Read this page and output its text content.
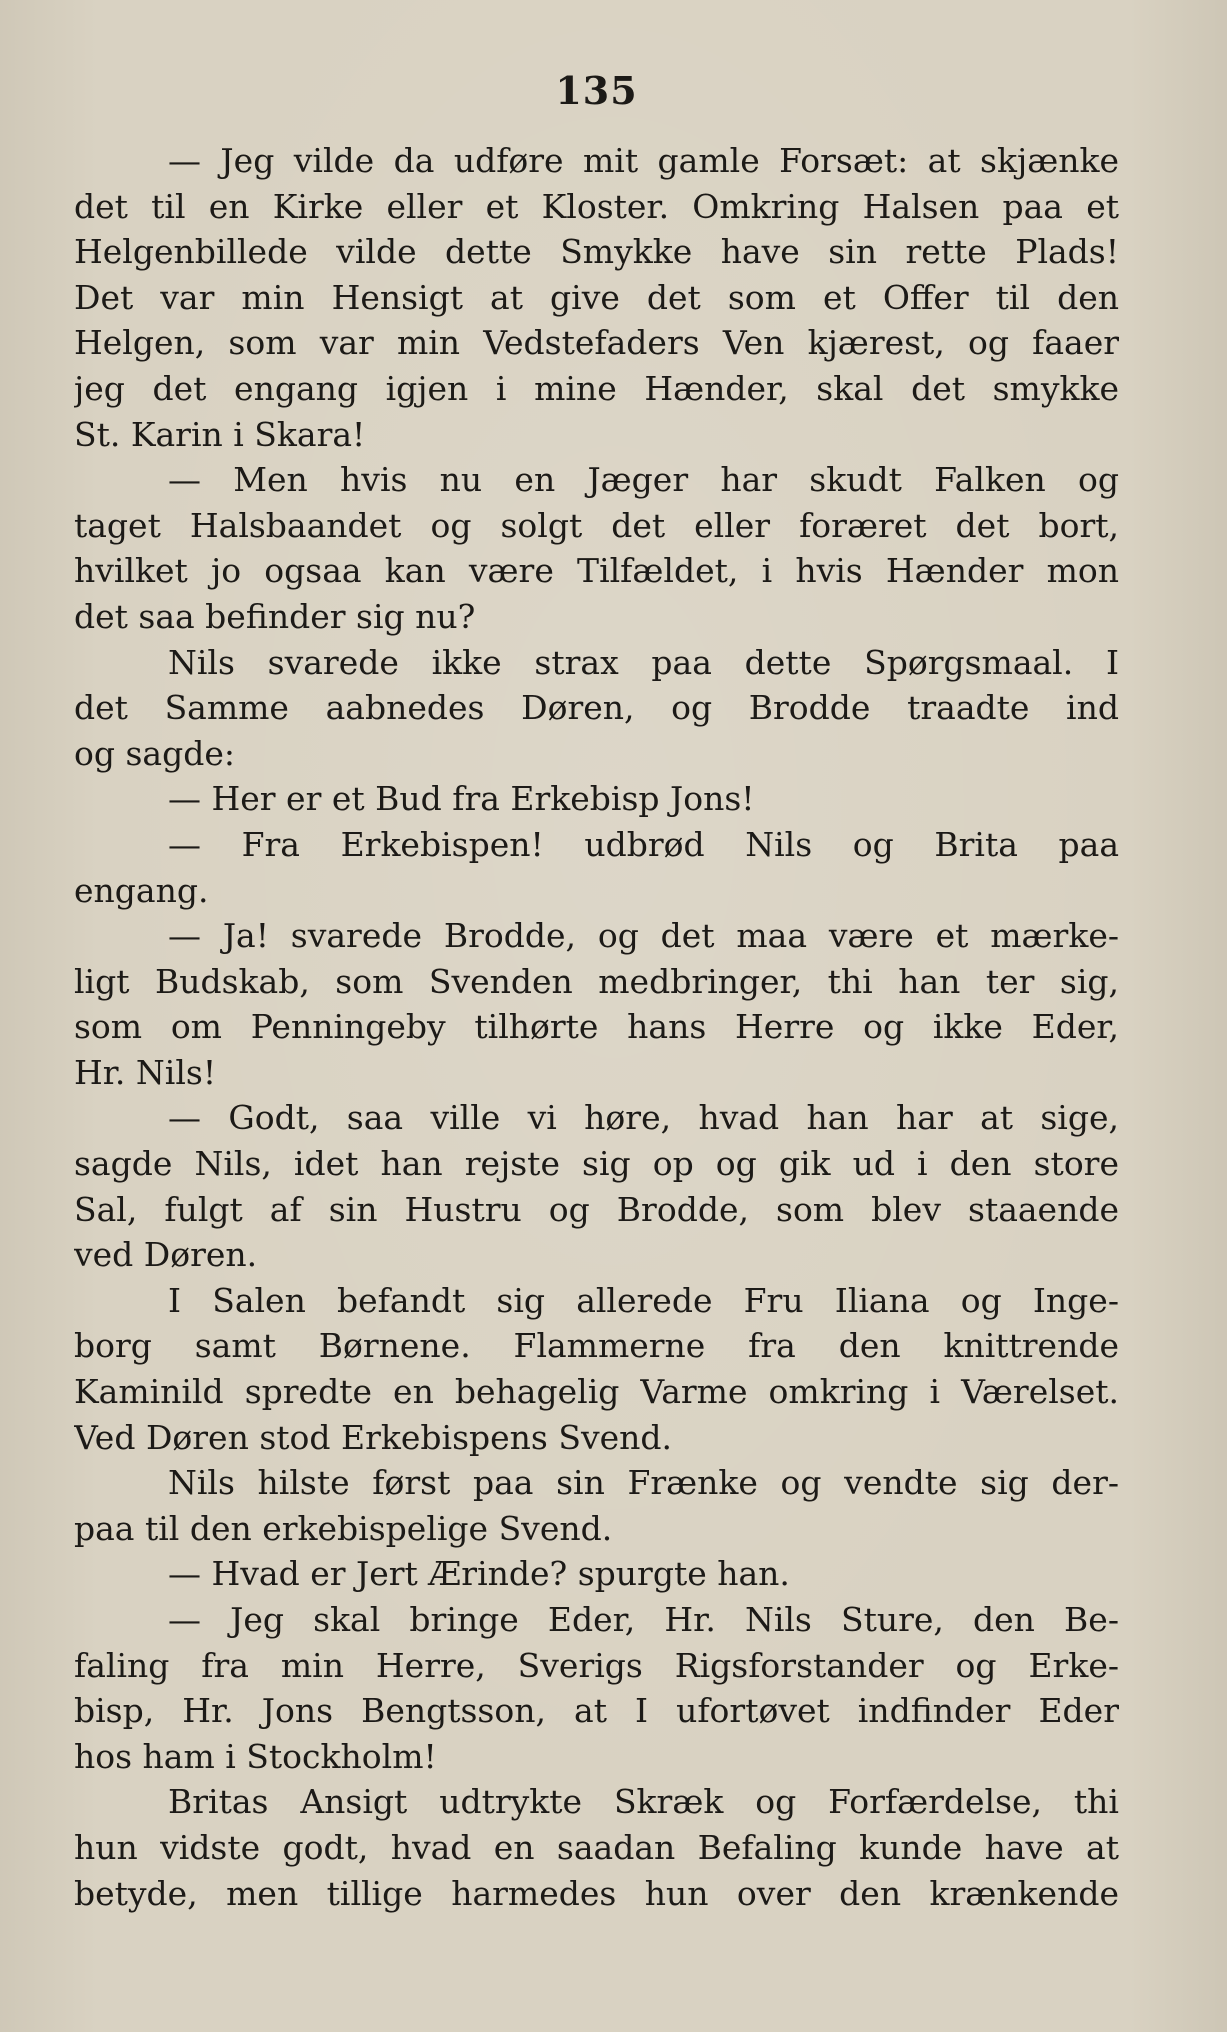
135
— Jeg vilde da udføre mit gamle Forsæt: at skjænke
det til en Kirke eller et Kloster. Omkring Halsen paa et
Helgenbillede vilde dette Smykke have sin rette Plads!
Det var min Hensigt at give det som et Offer til den
Helgen, som var min Vedstefaders Ven kjærest, og faaer
jeg det engang igjen i mine Hænder, skal det smykke
St. Karin i Skara!
— Men hvis nu en Jæger har skudt Falken og
taget Halsbaandet og solgt det eller foræret det bort,
hvilket jo ogsaa kan være Tilfældet, i hvis Hænder mon
det saa befinder sig nu?
Nils svarede ikke strax paa dette Spørgsmaal. I
det Samme aabnedes Døren, og Brodde traadte ind
og sagde:
— Her er et Bud fra Erkebisp Jons!
— Fra Erkebispen! udbrød Nils og Brita paa
engang.
— Ja! svarede Brodde, og det maa være et mærke-
ligt Budskab, som Svenden medbringer, thi han ter sig,
som om Penningeby tilhørte hans Herre og ikke Eder,
Hr. Nils!
— Godt, saa ville vi høre, hvad han har at sige,
sagde Nils, idet han rejste sig op og gik ud i den store
Sal, fulgt af sin Hustru og Brodde, som blev staaende
ved Døren.
I Salen befandt sig allerede Fru Iliana og Inge-
borg samt Børnene. Flammerne fra den knittrende
Kaminild spredte en behagelig Varme omkring i Værelset.
Ved Døren stod Erkebispens Svend.
Nils hilste først paa sin Frænke og vendte sig der-
paa til den erkebispelige Svend.
— Hvad er Jert Ærinde? spurgte han.
— Jeg skal bringe Eder, Hr. Nils Sture, den Be-
faling fra min Herre, Sverigs Rigsforstander og Erke-
bisp, Hr. Jons Bengtsson, at I ufortøvet indfinder Eder
hos ham i Stockholm!
Britas Ansigt udtrykte Skræk og Forfærdelse, thi
hun vidste godt, hvad en saadan Befaling kunde have at
betyde, men tillige harmedes hun over den krænkende
